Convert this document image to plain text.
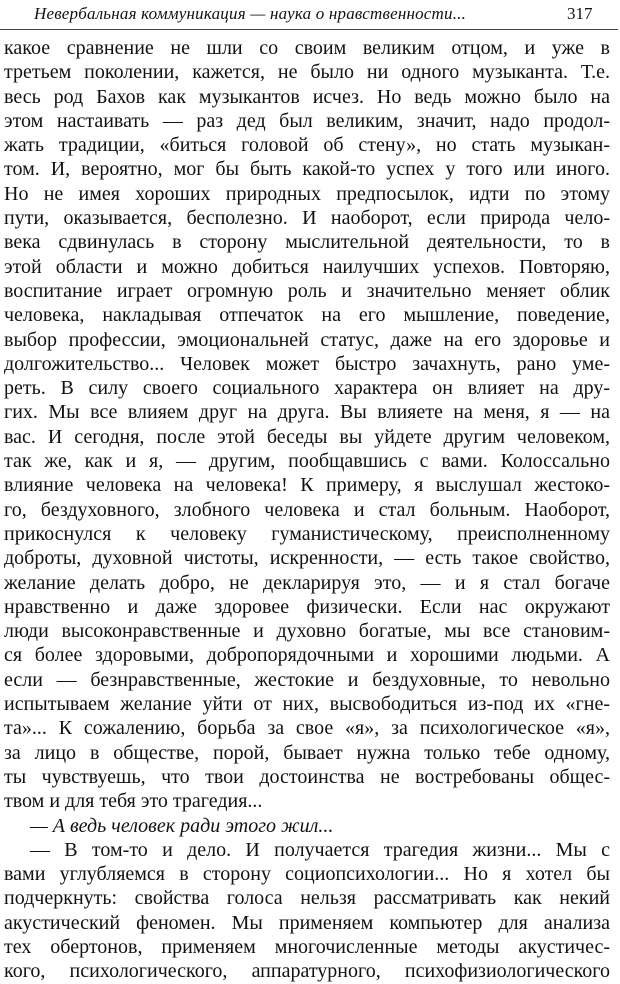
Невербальная коммуникация — наука о нравственности...	317
какое сравнение не шли со своим великим отцом, и уже в
третьем поколении, кажется, не было ни одного музыканта. Т.е.
весь род Бахов как музыкантов исчез. Но ведь можно было на
этом настаивать — раз дед был великим, значит, надо продол-
жать традиции, «биться головой об стену», но стать музыкан-
том. И, вероятно, мог бы быть какой-то успех у того или иного.
Но не имея хороших природных предпосылок, идти по этому
пути, оказывается, бесполезно. И наоборот, если природа чело-
века сдвинулась в сторону мыслительной деятельности, то в
этой области и можно добиться наилучших успехов. Повторяю,
воспитание играет огромную роль и значительно меняет облик
человека, накладывая отпечаток на его мышление, поведение,
выбор профессии, эмоциональней статус, даже на его здоровье и
долгожительство... Человек может быстро зачахнуть, рано уме-
реть. В силу своего социального характера он влияет на дру-
гих. Мы все влияем друг на друга. Вы влияете на меня, я — на
вас. И сегодня, после этой беседы вы уйдете другим человеком,
так же, как и я, — другим, пообщавшись с вами. Колоссально
влияние человека на человека! К примеру, я выслушал жестоко-
го, бездуховного, злобного человека и стал больным. Наоборот,
прикоснулся к человеку гуманистическому, преисполненному
доброты, духовной чистоты, искренности, — есть такое свойство,
желание делать добро, не декларируя это, — и я стал богаче
нравственно и даже здоровее физически. Если нас окружают
люди высоконравственные и духовно богатые, мы все становим-
ся более здоровыми, добропорядочными и хорошими людьми. А
если — безнравственные, жестокие и бездуховные, то невольно
испытываем желание уйти от них, высвободиться из-под их «гне-
та»... К сожалению, борьба за свое «я», за психологическое «я»,
за лицо в обществе, порой, бывает нужна только тебе одному,
ты чувствуешь, что твои достоинства не востребованы общес-
твом и для тебя это трагедия...
— А ведь человек ради этого жил...
— В том-то и дело. И получается трагедия жизни... Мы с
вами углубляемся в сторону социопсихологии... Но я хотел бы
подчеркнуть: свойства голоса нельзя рассматривать как некий
акустический феномен. Мы применяем компьютер для анализа
тех обертонов, применяем многочисленные методы акустичес-
кого, психологического, аппаратурного, психофизиологического
